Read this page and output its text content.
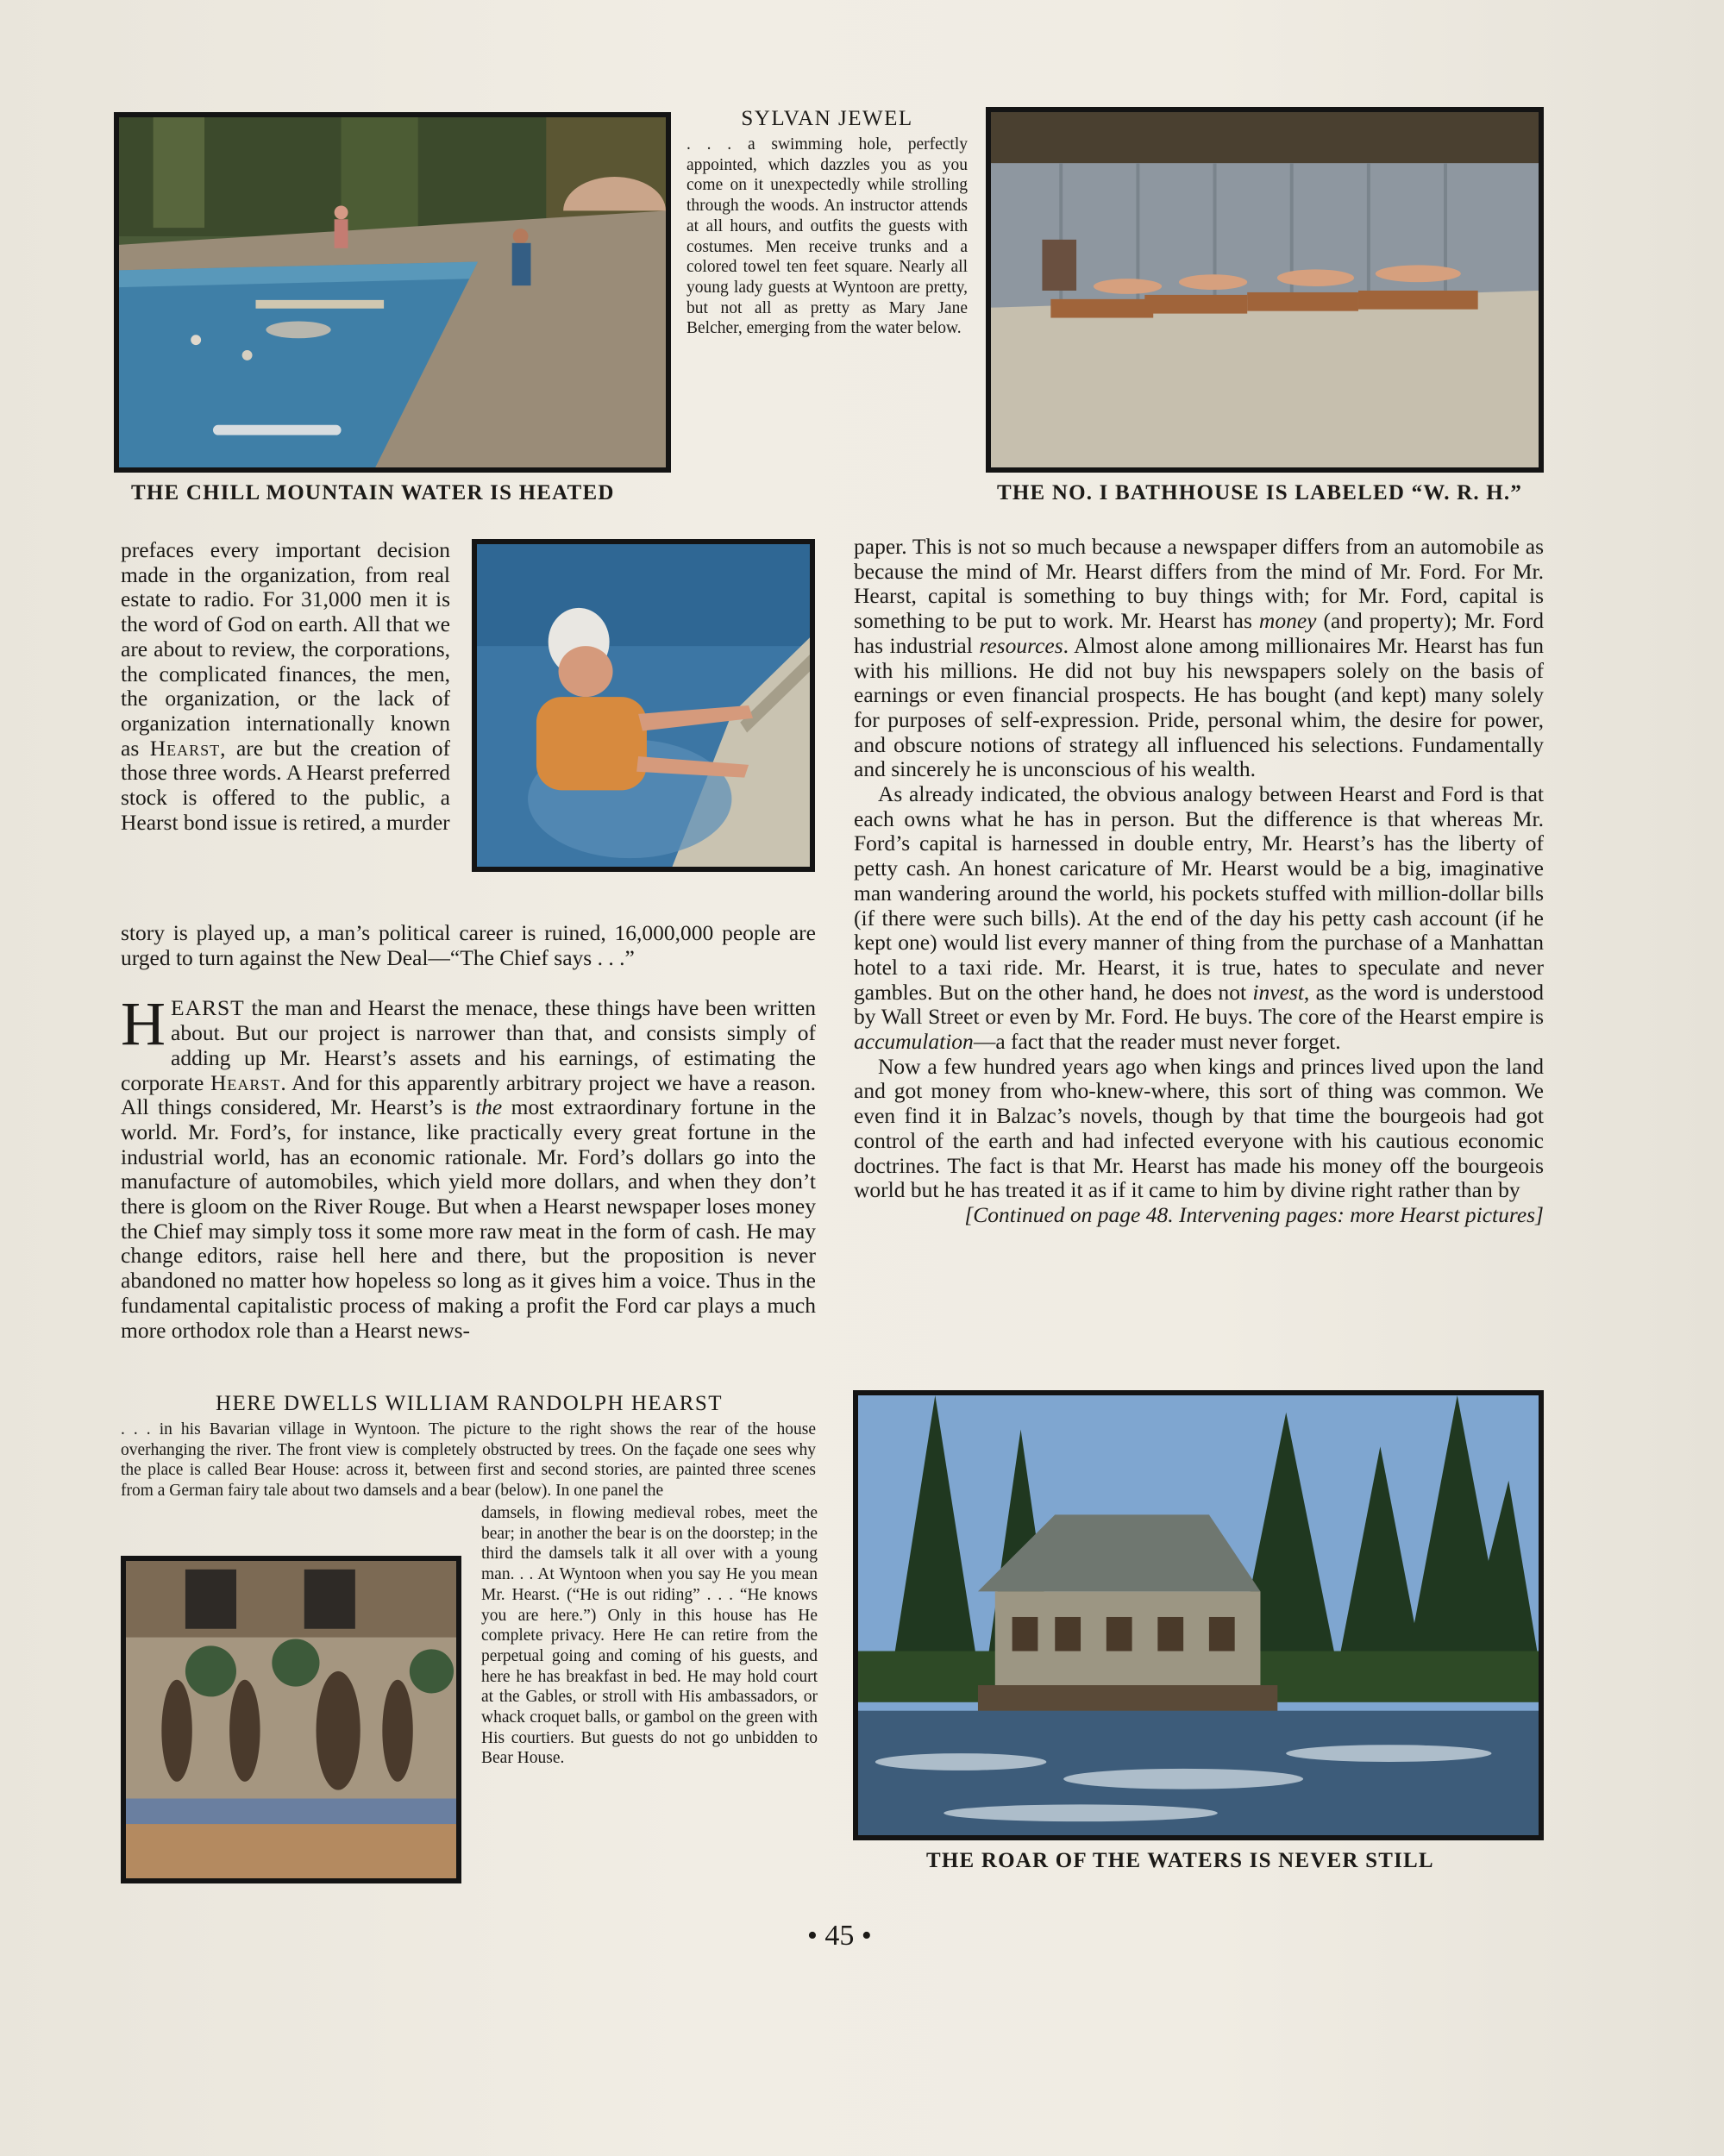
SYLVAN JEWEL

. . . a swimming hole, perfectly appointed, which dazzles you as you come on it unexpectedly while strolling through the woods. An instructor attends at all hours, and outfits the guests with costumes. Men receive trunks and a colored towel ten feet square. Nearly all young lady guests at Wyntoon are pretty, but not all as pretty as Mary Jane Belcher, emerging from the water below.

THE CHILL MOUNTAIN WATER IS HEATED	THE NO. I BATHHOUSE IS LABELED “W. R. H.”

prefaces every important decision made in the organization, from real estate to radio. For 31,000 men it is the word of God on earth. All that we are about to review, the corporations, the complicated finances, the men, the organization, or the lack of organization internationally known as Hearst, are but the creation of those three words. A Hearst preferred stock is offered to the public, a Hearst bond issue is retired, a murder

story is played up, a man’s political career is ruined, 16,000,000 people are urged to turn against the New Deal—“The Chief says . . .”

HEARST the man and Hearst the menace, these things have been written about. But our project is narrower than that, and consists simply of adding up Mr. Hearst’s assets and his earnings, of estimating the corporate Hearst. And for this apparently arbitrary project we have a reason. All things considered, Mr. Hearst’s is the most extraordinary fortune in the world. Mr. Ford’s, for instance, like practically every great fortune in the industrial world, has an economic rationale. Mr. Ford’s dollars go into the manufacture of automobiles, which yield more dollars, and when they don’t there is gloom on the River Rouge. But when a Hearst newspaper loses money the Chief may simply toss it some more raw meat in the form of cash. He may change editors, raise hell here and there, but the proposition is never abandoned no matter how hopeless so long as it gives him a voice. Thus in the fundamental capitalistic process of making a profit the Ford car plays a much more orthodox role than a Hearst news-

paper. This is not so much because a newspaper differs from an automobile as because the mind of Mr. Hearst differs from the mind of Mr. Ford. For Mr. Hearst, capital is something to buy things with; for Mr. Ford, capital is something to be put to work. Mr. Hearst has money (and property); Mr. Ford has industrial resources. Almost alone among millionaires Mr. Hearst has fun with his millions. He did not buy his newspapers solely on the basis of earnings or even financial prospects. He has bought (and kept) many solely for purposes of self-expression. Pride, personal whim, the desire for power, and obscure notions of strategy all influenced his selections. Fundamentally and sincerely he is unconscious of his wealth.

As already indicated, the obvious analogy between Hearst and Ford is that each owns what he has in person. But the difference is that whereas Mr. Ford’s capital is harnessed in double entry, Mr. Hearst’s has the liberty of petty cash. An honest caricature of Mr. Hearst would be a big, imaginative man wandering around the world, his pockets stuffed with million-dollar bills (if there were such bills). At the end of the day his petty cash account (if he kept one) would list every manner of thing from the purchase of a Manhattan hotel to a taxi ride. Mr. Hearst, it is true, hates to speculate and never gambles. But on the other hand, he does not invest, as the word is understood by Wall Street or even by Mr. Ford. He buys. The core of the Hearst empire is accumulation—a fact that the reader must never forget.

Now a few hundred years ago when kings and princes lived upon the land and got money from who-knew-where, this sort of thing was common. We even find it in Balzac’s novels, though by that time the bourgeois had got control of the earth and had infected everyone with his cautious economic doctrines. The fact is that Mr. Hearst has made his money off the bourgeois world but he has treated it as if it came to him by divine right rather than by

[Continued on page 48. Intervening pages: more Hearst pictures]

HERE DWELLS WILLIAM RANDOLPH HEARST

. . . in his Bavarian village in Wyntoon. The picture to the right shows the rear of the house overhanging the river. The front view is completely obstructed by trees. On the façade one sees why the place is called Bear House: across it, between first and second stories, are painted three scenes from a German fairy tale about two damsels and a bear (below). In one panel the

damsels, in flowing medieval robes, meet the bear; in another the bear is on the doorstep; in the third the damsels talk it all over with a young man. . . At Wyntoon when you say He you mean Mr. Hearst. (“He is out riding” . . . “He knows you are here.”) Only in this house has He complete privacy. Here He can retire from the perpetual going and coming of his guests, and here he has breakfast in bed. He may hold court at the Gables, or stroll with His ambassadors, or whack croquet balls, or gambol on the green with His courtiers. But guests do not go unbidden to Bear House.

THE ROAR OF THE WATERS IS NEVER STILL
• 45 •
